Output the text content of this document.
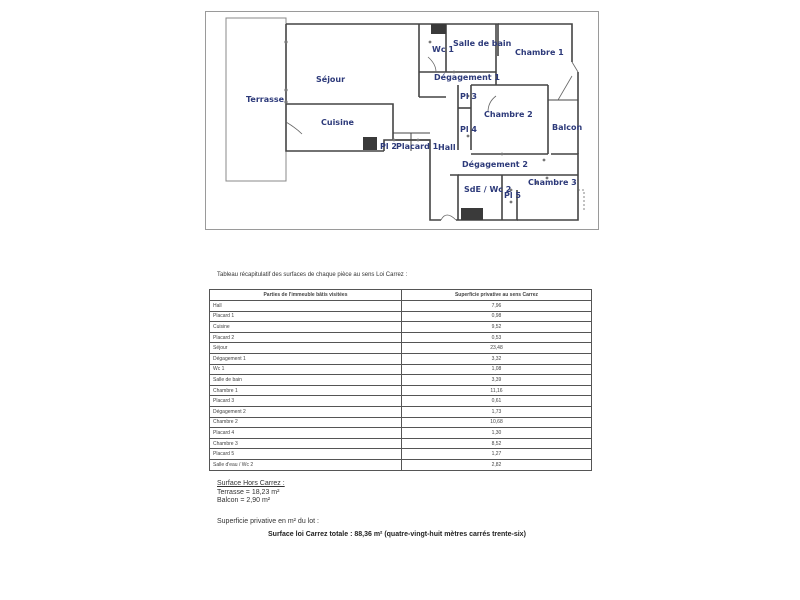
Terrasse
Séjour
Cuisine
Wc 1
Salle de bain
Chambre 1
Dégagement 1
Pl 3
Chambre 2
Pl 4	Balcon
Pl 2 Placard 1 Hall
Dégagement 2
SdE / Wc 2
Pl 5
Chambre 3
Tableau récapitulatif des surfaces de chaque pièce au sens Loi Carrez :
Parties de l'immeuble bâtis visitées	Superficie privative au sens Carrez
Hall	7,96
Placard 1	0,98
Cuisine	9,52
Placard 2	0,53
Séjour	23,48
Dégagement 1	3,32
Wc 1	1,08
Salle de bain	3,39
Chambre 1	11,16
Placard 3	0,61
Dégagement 2	1,73
Chambre 2	10,68
Placard 4	1,30
Chambre 3	8,52
Placard 5	1,27
Salle d'eau / Wc 2	2,82
Surface Hors Carrez :
Terrasse = 18,23 m²
Balcon = 2,90 m²
Superficie privative en m² du lot :
Surface loi Carrez totale : 88,36 m² (quatre-vingt-huit mètres carrés trente-six)
